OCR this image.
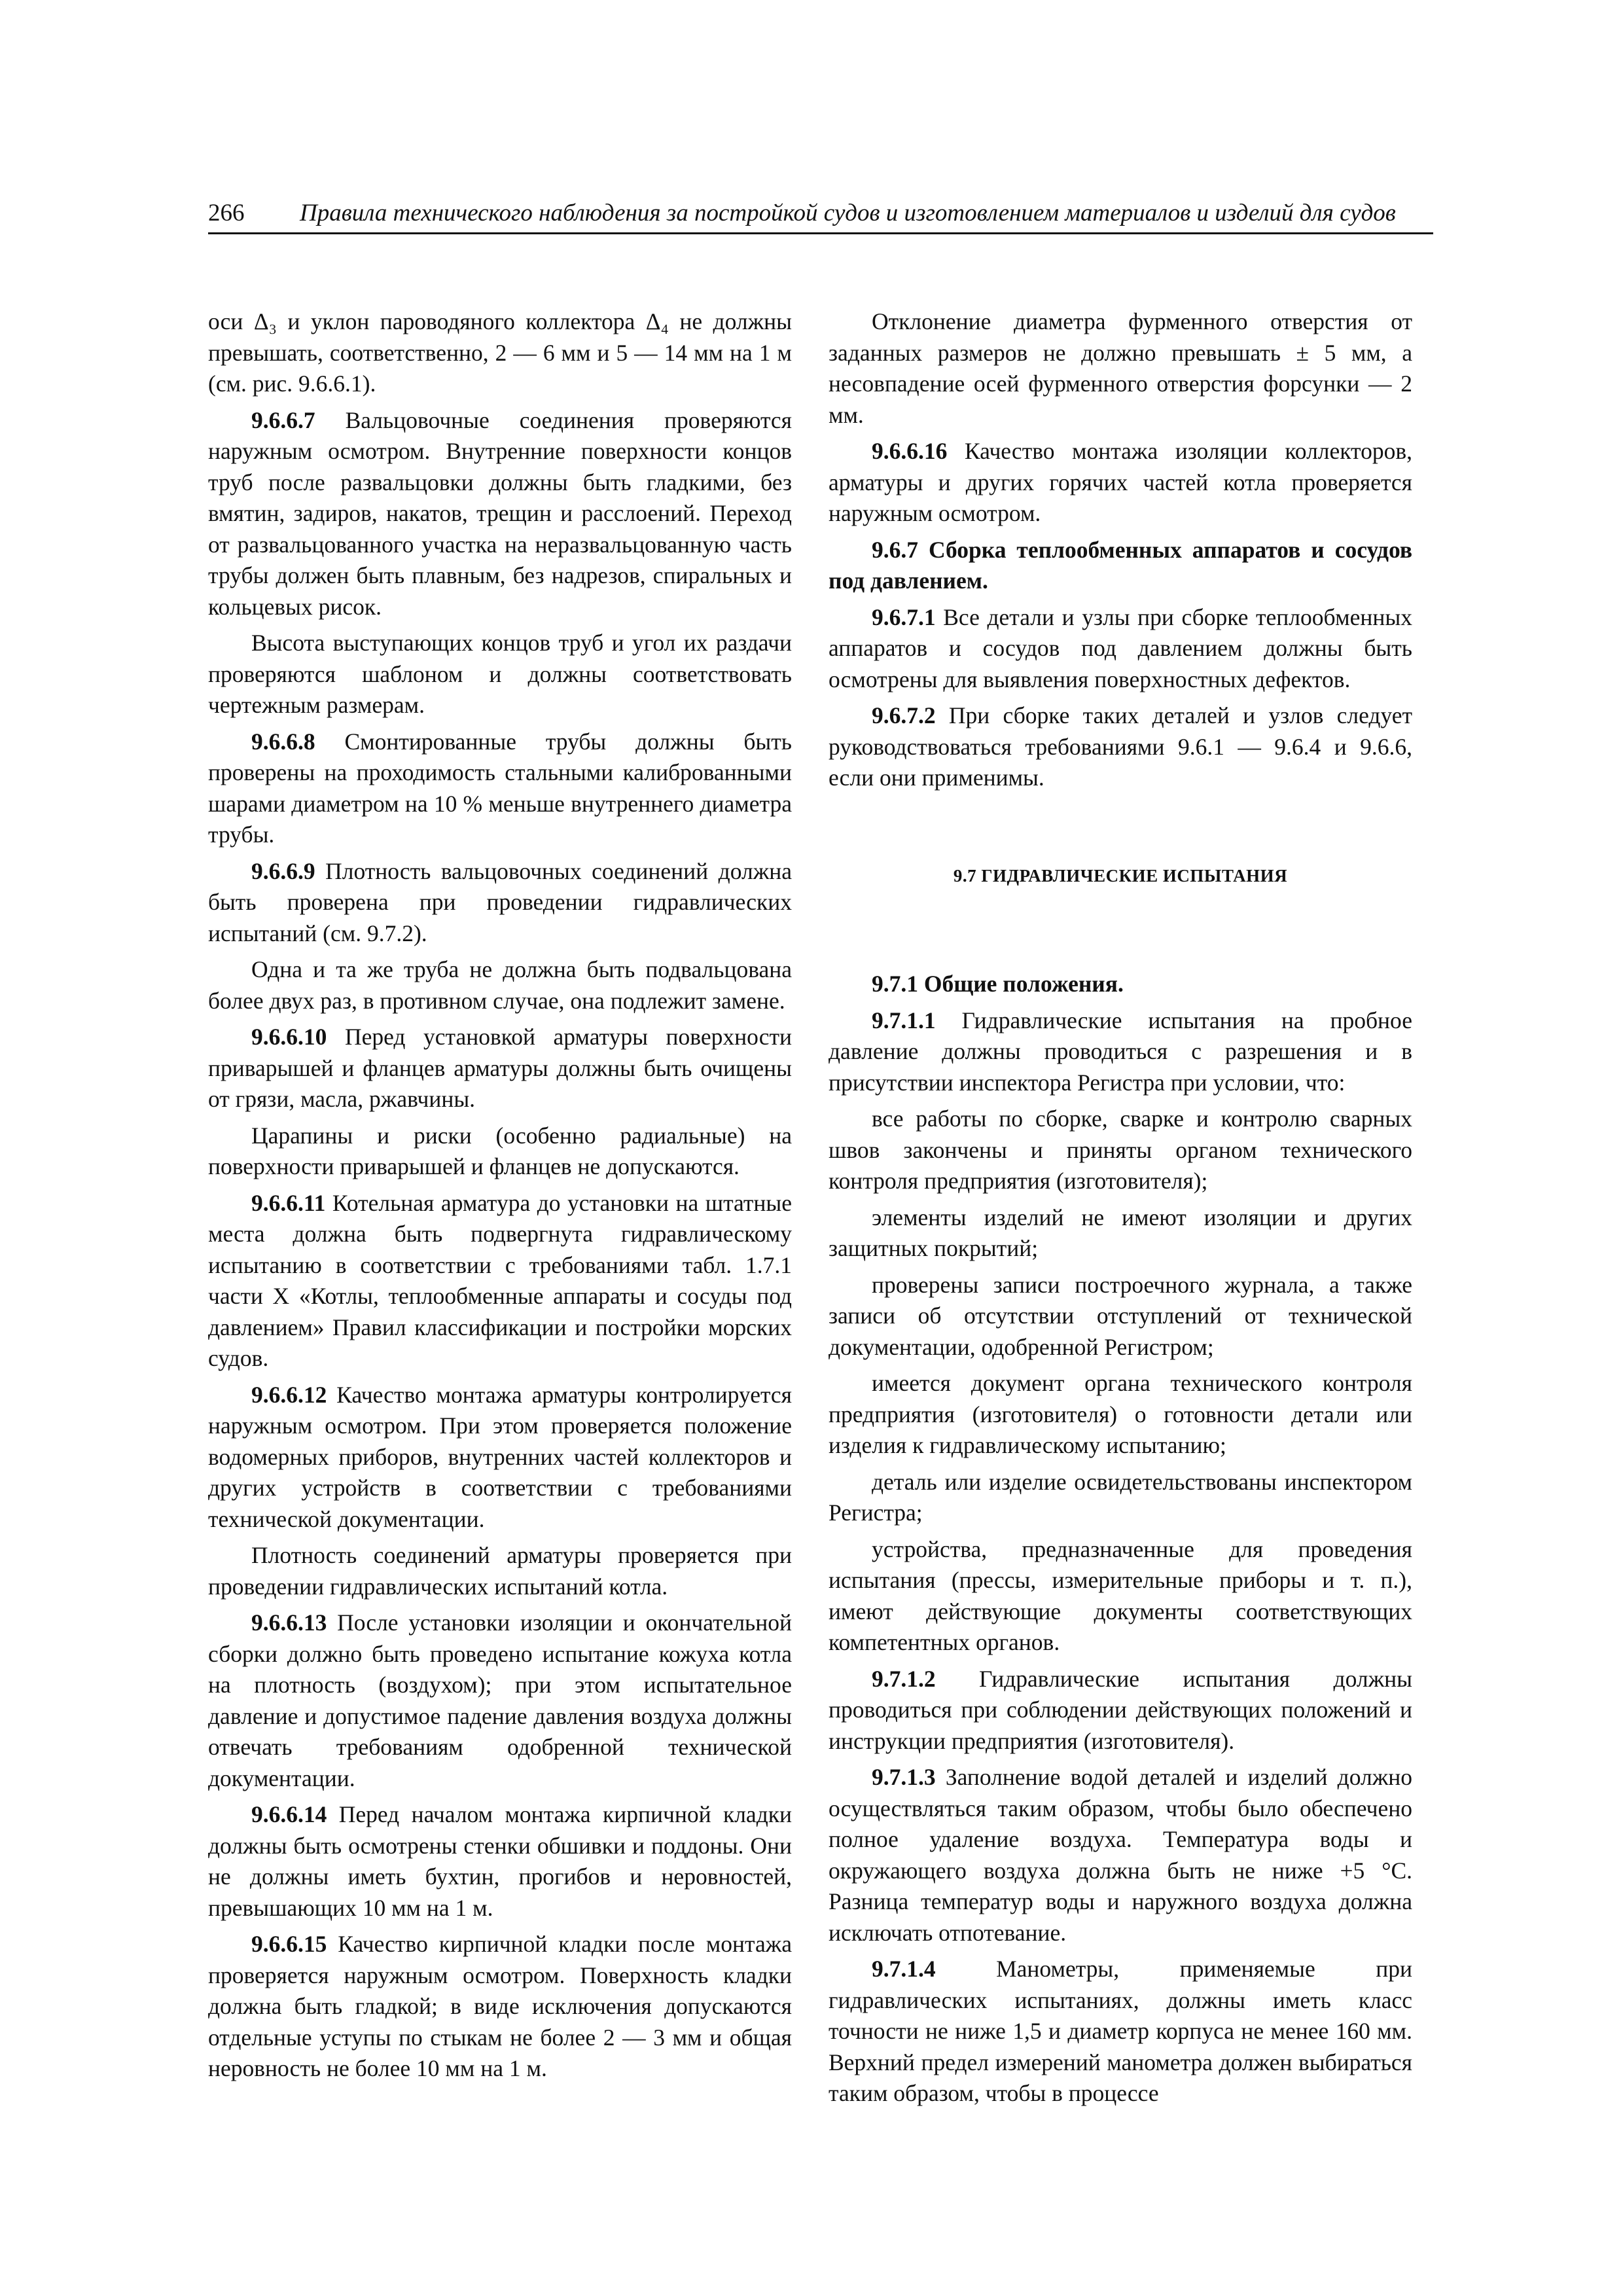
266 Правила технического наблюдения за постройкой судов и изготовлением материалов и изделий для судов

оси Δ₃ и уклон пароводяного коллектора Δ₄ не должны превышать, соответственно, 2 — 6 мм и 5 — 14 мм на 1 м (см. рис. 9.6.6.1).

9.6.6.7 Вальцовочные соединения проверяются наружным осмотром. Внутренние поверхности концов труб после развальцовки должны быть гладкими, без вмятин, задиров, накатов, трещин и расслоений. Переход от развальцованного участка на неразвальцованную часть трубы должен быть плавным, без надрезов, спиральных и кольцевых рисок.

Высота выступающих концов труб и угол их раздачи проверяются шаблоном и должны соответствовать чертежным размерам.

9.6.6.8 Смонтированные трубы должны быть проверены на проходимость стальными калиброванными шарами диаметром на 10 % меньше внутреннего диаметра трубы.

9.6.6.9 Плотность вальцовочных соединений должна быть проверена при проведении гидравлических испытаний (см. 9.7.2).

Одна и та же труба не должна быть подвальцована более двух раз, в противном случае, она подлежит замене.

9.6.6.10 Перед установкой арматуры поверхности приварышей и фланцев арматуры должны быть очищены от грязи, масла, ржавчины.

Царапины и риски (особенно радиальные) на поверхности приварышей и фланцев не допускаются.

9.6.6.11 Котельная арматура до установки на штатные места должна быть подвергнута гидравлическому испытанию в соответствии с требованиями табл. 1.7.1 части X «Котлы, теплообменные аппараты и сосуды под давлением» Правил классификации и постройки морских судов.

9.6.6.12 Качество монтажа арматуры контролируется наружным осмотром. При этом проверяется положение водомерных приборов, внутренних частей коллекторов и других устройств в соответствии с требованиями технической документации.

Плотность соединений арматуры проверяется при проведении гидравлических испытаний котла.

9.6.6.13 После установки изоляции и окончательной сборки должно быть проведено испытание кожуха котла на плотность (воздухом); при этом испытательное давление и допустимое падение давления воздуха должны отвечать требованиям одобренной технической документации.

9.6.6.14 Перед началом монтажа кирпичной кладки должны быть осмотрены стенки обшивки и поддоны. Они не должны иметь бухтин, прогибов и неровностей, превышающих 10 мм на 1 м.

9.6.6.15 Качество кирпичной кладки после монтажа проверяется наружным осмотром. Поверхность кладки должна быть гладкой; в виде исключения допускаются отдельные уступы по стыкам не более 2 — 3 мм и общая неровность не более 10 мм на 1 м.

Отклонение диаметра фурменного отверстия от заданных размеров не должно превышать ± 5 мм, а несовпадение осей фурменного отверстия форсунки — 2 мм.

9.6.6.16 Качество монтажа изоляции коллекторов, арматуры и других горячих частей котла проверяется наружным осмотром.

9.6.7 Сборка теплообменных аппаратов и сосудов под давлением.

9.6.7.1 Все детали и узлы при сборке теплообменных аппаратов и сосудов под давлением должны быть осмотрены для выявления поверхностных дефектов.

9.6.7.2 При сборке таких деталей и узлов следует руководствоваться требованиями 9.6.1 — 9.6.4 и 9.6.6, если они применимы.

9.7 ГИДРАВЛИЧЕСКИЕ ИСПЫТАНИЯ

9.7.1 Общие положения.

9.7.1.1 Гидравлические испытания на пробное давление должны проводиться с разрешения и в присутствии инспектора Регистра при условии, что:

все работы по сборке, сварке и контролю сварных швов закончены и приняты органом технического контроля предприятия (изготовителя);

элементы изделий не имеют изоляции и других защитных покрытий;

проверены записи построечного журнала, а также записи об отсутствии отступлений от технической документации, одобренной Регистром;

имеется документ органа технического контроля предприятия (изготовителя) о готовности детали или изделия к гидравлическому испытанию;

деталь или изделие освидетельствованы инспектором Регистра;

устройства, предназначенные для проведения испытания (прессы, измерительные приборы и т. п.), имеют действующие документы соответствующих компетентных органов.

9.7.1.2 Гидравлические испытания должны проводиться при соблюдении действующих положений и инструкции предприятия (изготовителя).

9.7.1.3 Заполнение водой деталей и изделий должно осуществляться таким образом, чтобы было обеспечено полное удаление воздуха. Температура воды и окружающего воздуха должна быть не ниже +5 °С. Разница температур воды и наружного воздуха должна исключать отпотевание.

9.7.1.4 Манометры, применяемые при гидравлических испытаниях, должны иметь класс точности не ниже 1,5 и диаметр корпуса не менее 160 мм. Верхний предел измерений манометра должен выбираться таким образом, чтобы в процессе
